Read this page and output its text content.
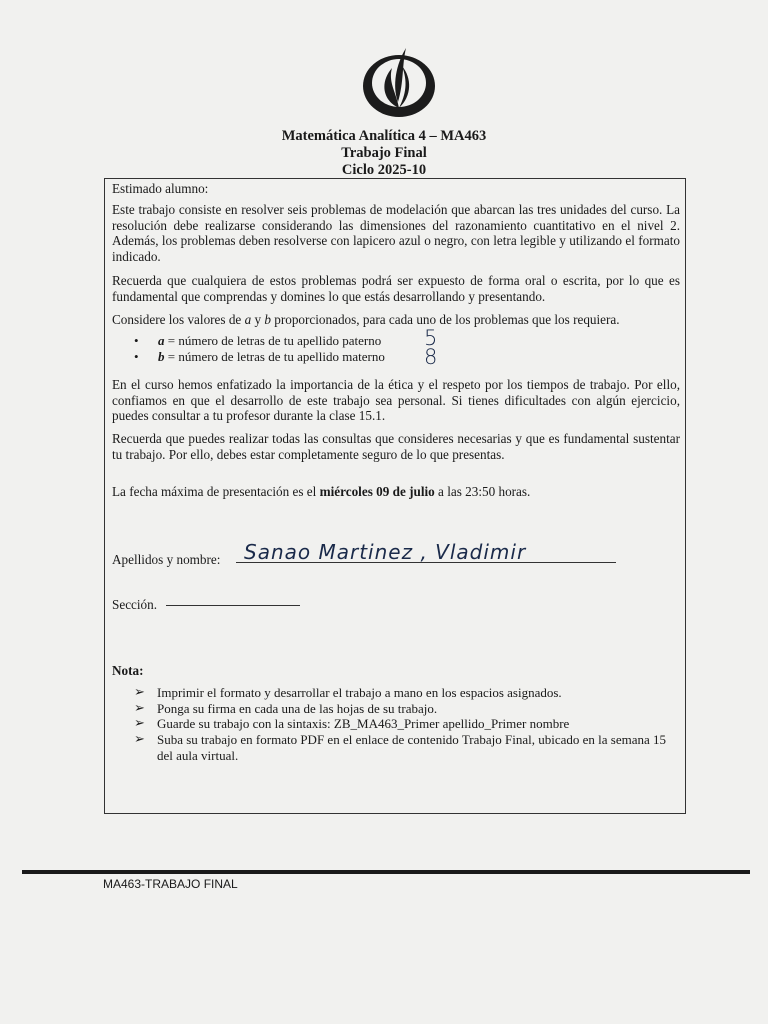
Matemática Analítica 4 – MA463
Trabajo Final
Ciclo 2025-10
Estimado alumno:
Este trabajo consiste en resolver seis problemas de modelación que abarcan las tres unidades del curso. La resolución debe realizarse considerando las dimensiones del razonamiento cuantitativo en el nivel 2. Además, los problemas deben resolverse con lapicero azul o negro, con letra legible y utilizando el formato indicado.
Recuerda que cualquiera de estos problemas podrá ser expuesto de forma oral o escrita, por lo que es fundamental que comprendas y domines lo que estás desarrollando y presentando.
Considere los valores de a y b proporcionados, para cada uno de los problemas que los requiera.
• a = número de letras de tu apellido paterno
• b = número de letras de tu apellido materno
5
8
En el curso hemos enfatizado la importancia de la ética y el respeto por los tiempos de trabajo. Por ello, confiamos en que el desarrollo de este trabajo sea personal. Si tienes dificultades con algún ejercicio, puedes consultar a tu profesor durante la clase 15.1.
Recuerda que puedes realizar todas las consultas que consideres necesarias y que es fundamental sustentar tu trabajo. Por ello, debes estar completamente seguro de lo que presentas.
La fecha máxima de presentación es el miércoles 09 de julio a las 23:50 horas.
Apellidos y nombre: Sanao Martinez , Vladimir
Sección.
Nota:
➢ Imprimir el formato y desarrollar el trabajo a mano en los espacios asignados.
➢ Ponga su firma en cada una de las hojas de su trabajo.
➢ Guarde su trabajo con la sintaxis: ZB_MA463_Primer apellido_Primer nombre
➢ Suba su trabajo en formato PDF en el enlace de contenido Trabajo Final, ubicado en la semana 15 del aula virtual.
MA463-TRABAJO FINAL
